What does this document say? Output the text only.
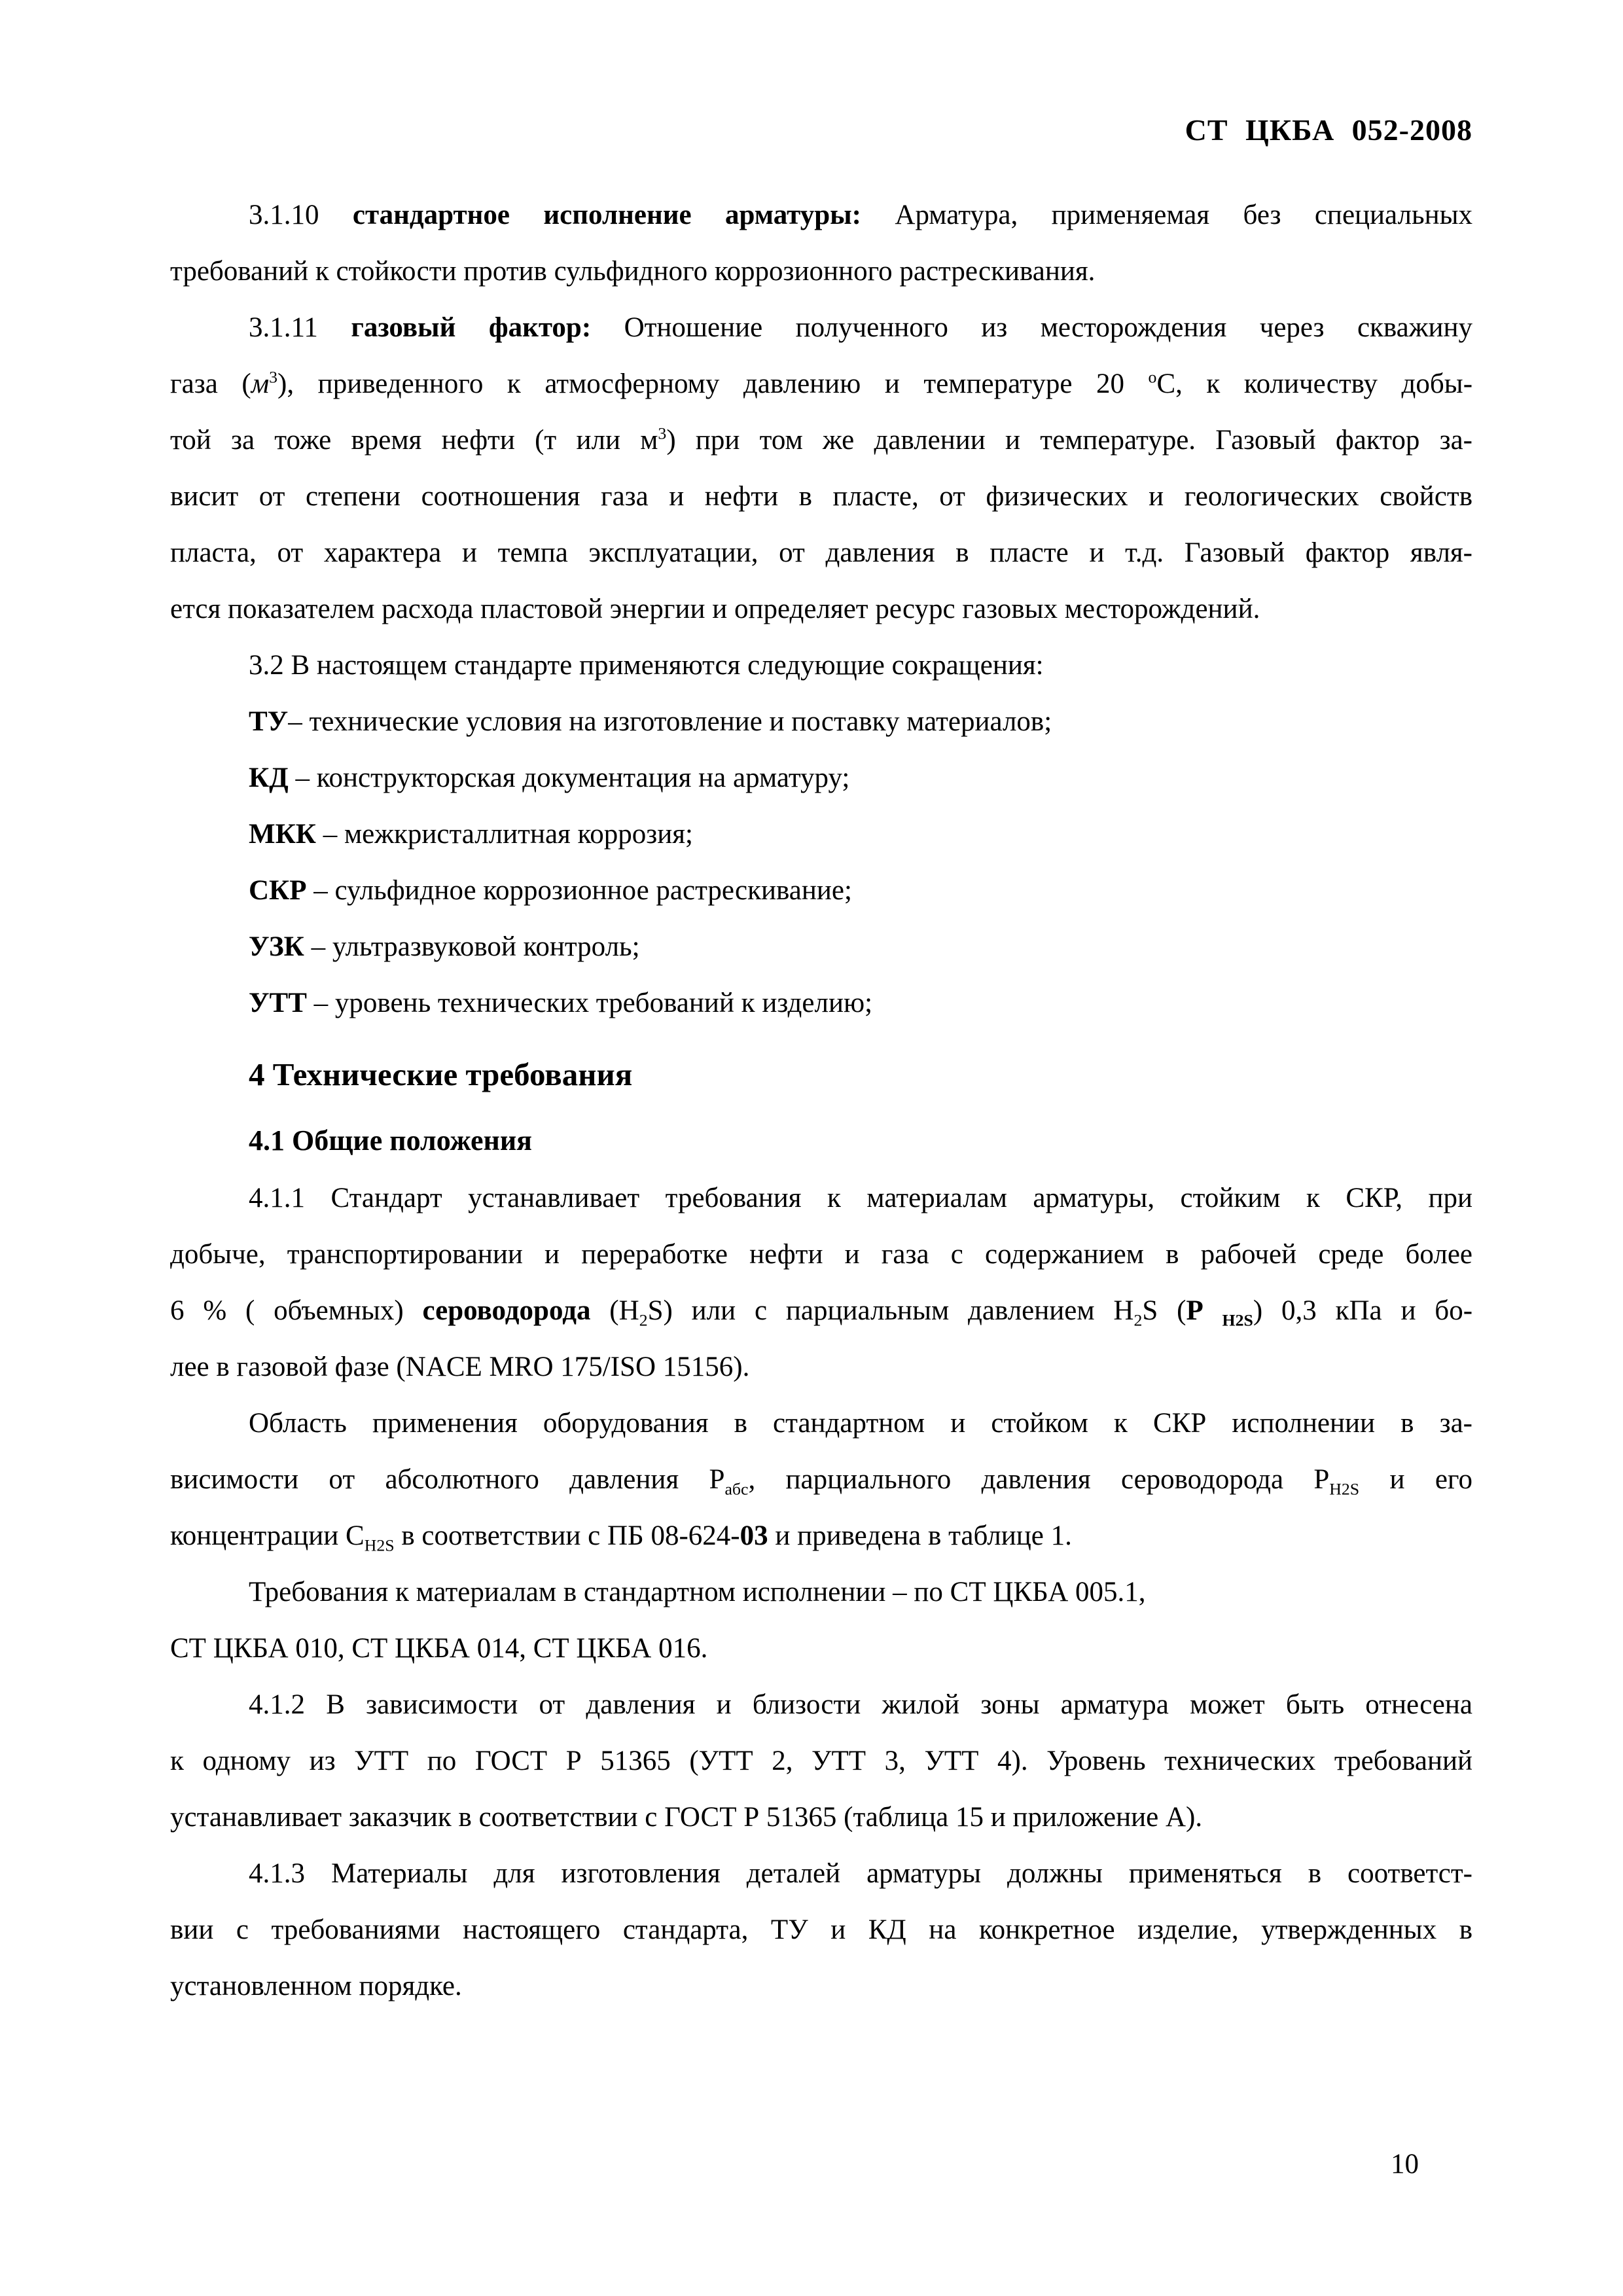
СТ ЦКБА 052-2008
3.1.10 стандартное исполнение арматуры: Арматура, применяемая без специальных
требований к стойкости против сульфидного коррозионного растрескивания.
3.1.11 газовый фактор: Отношение полученного из месторождения через скважину
газа $(м^3)$, приведенного к атмосферному давлению и температуре 20 $^о$С, к количеству добы-
той за тоже время нефти (т или $м^3$) при том же давлении и температуре. Газовый фактор за-
висит от степени соотношения газа и нефти в пласте, от физических и геологических свойств
пласта, от характера и темпа эксплуатации, от давления в пласте и т.д. Газовый фактор явля-
ется показателем расхода пластовой энергии и определяет ресурс газовых месторождений.
3.2 В настоящем стандарте применяются следующие сокращения:
ТУ– технические условия на изготовление и поставку материалов;
КД – конструкторская документация на арматуру;
МКК – межкристаллитная коррозия;
СКР – сульфидное коррозионное растрескивание;
УЗК – ультразвуковой контроль;
УТТ – уровень технических требований к изделию;
4 Технические требования
4.1 Общие положения
4.1.1 Стандарт устанавливает требования к материалам арматуры, стойким к СКР, при
добыче, транспортировании и переработке нефти и газа с содержанием в рабочей среде более
6 % ( объемных) сероводорода $(H_2S)$ или с парциальным давлением $H_2S$ (Р $_{Н2S}$) 0,3 кПа и бо-
лее в газовой фазе (NACE MRO 175/ISO 15156).
Область применения оборудования в стандартном и стойком к СКР исполнении в за-
висимости от абсолютного давления $Р_{абс}$, парциального давления сероводорода $Р_{H2S}$ и его
концентрации $С_{H2S}$ в соответствии с ПБ 08-624-03 и приведена в таблице 1.
Требования к материалам в стандартном исполнении – по СТ ЦКБА 005.1,
СТ ЦКБА 010, СТ ЦКБА 014, СТ ЦКБА 016.
4.1.2 В зависимости от давления и близости жилой зоны арматура может быть отнесена
к одному из УТТ по ГОСТ Р 51365 (УТТ 2, УТТ 3, УТТ 4). Уровень технических требований
устанавливает заказчик в соответствии с ГОСТ Р 51365 (таблица 15 и приложение А).
4.1.3 Материалы для изготовления деталей арматуры должны применяться в соответст-
вии с требованиями настоящего стандарта, ТУ и КД на конкретное изделие, утвержденных в
установленном порядке.
10
